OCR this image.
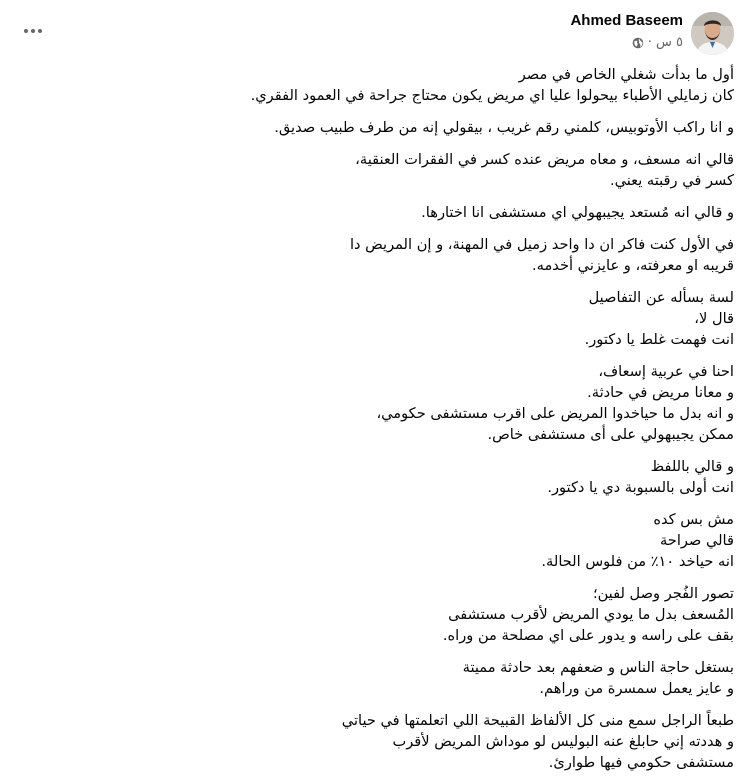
Ahmed Baseem
٥ س ·
أول ما بدأت شغلي الخاص في مصر
كان زمايلي الأطباء بيحولوا عليا اي مريض يكون محتاج جراحة في العمود الفقري.
و انا راكب الأوتوبيس، كلمني رقم غريب ، بيقولي إنه من طرف طبيب صديق.
قالي انه مسعف، و معاه مريض عنده كسر في الفقرات العنقية،
كسر في رقبته يعني.
و قالي انه مُستعد يجيبهولي اي مستشفى انا اختارها.
في الأول كنت فاكر ان دا واحد زميل في المهنة، و إن المريض دا
قريبه او معرفته، و عايزني أخدمه.
لسة بسأله عن التفاصيل
قال لا،
انت فهمت غلط يا دكتور.
احنا في عربية إسعاف،
و معانا مريض في حادثة.
و انه بدل ما حياخدوا المريض على اقرب مستشفى حكومي،
ممكن يجيبهولي على أى مستشفى خاص.
و قالي باللفظ
انت أولى بالسبوبة دي يا دكتور.
مش بس كده
قالي صراحة
انه حياخد ١٠٪ من فلوس الحالة.
تصور الفُجر وصل لفين؛
المُسعف بدل ما يودي المريض لأقرب مستشفى
بقف على راسه و يدور على اي مصلحة من وراه.
بستغل حاجة الناس و ضعفهم بعد حادثة مميتة
و عايز يعمل سمسرة من وراهم.
طبعاً الراجل سمع منى كل الألفاظ القبيحة اللي اتعلمتها في حياتي
و هددته إني حابلغ عنه البوليس لو موداش المريض لأقرب
مستشفى حكومي فيها طوارئ.
